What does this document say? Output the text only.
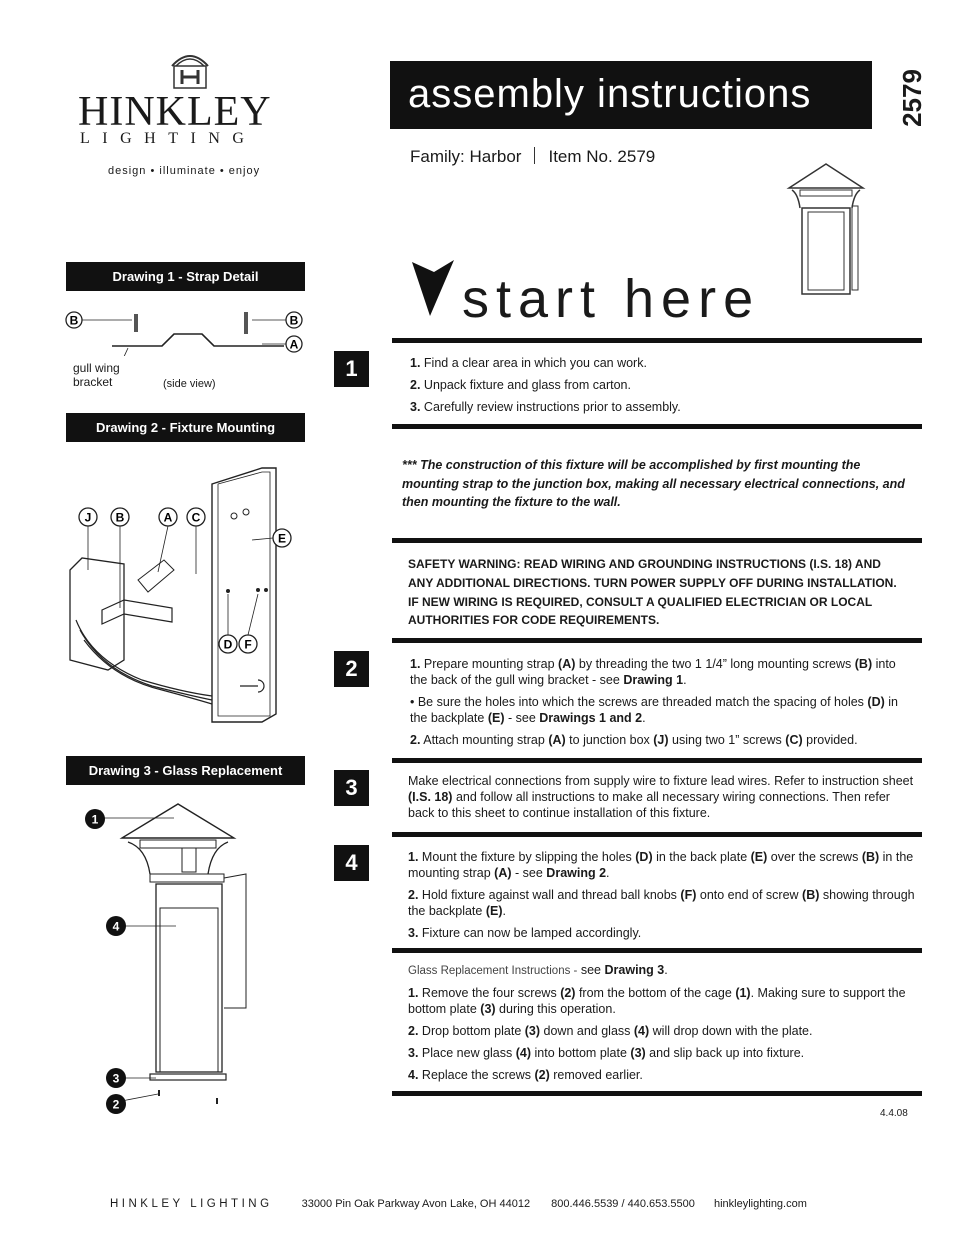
HINKLEY
LIGHTING
design • illuminate • enjoy
assembly instructions	2579
Family: Harbor Item No. 2579
start here
Drawing 1 - Strap Detail
B	B
A
gull wing
bracket	(side view)
Drawing 2 - Fixture Mounting
J B	A C
E
D F
Drawing 3 - Glass Replacement
1
4
3
2
1	1. Find a clear area in which you can work.

2. Unpack fixture and glass from carton.

3. Carefully review instructions prior to assembly.

*** The construction of this fixture will be accomplished by first mounting the mounting strap to the junction box, making all necessary electrical connections, and then mounting the fixture to the wall.
SAFETY WARNING: READ WIRING AND GROUNDING INSTRUCTIONS (I.S. 18) AND ANY ADDITIONAL DIRECTIONS. TURN POWER SUPPLY OFF DURING INSTALLATION. IF NEW WIRING IS REQUIRED, CONSULT A QUALIFIED ELECTRICIAN OR LOCAL AUTHORITIES FOR CODE REQUIREMENTS.
2	1. Prepare mounting strap (A) by threading the two 1 1/4” long mounting screws (B) into the back of the gull wing bracket - see Drawing 1.

• Be sure the holes into which the screws are threaded match the spacing of holes (D) in the backplate (E) - see Drawings 1 and 2.

2. Attach mounting strap (A) to junction box (J) using two 1” screws (C) provided.

3	Make electrical connections from supply wire to fixture lead wires. Refer to instruction sheet (I.S. 18) and follow all instructions to make all necessary wiring connections. Then refer back to this sheet to continue installation of this fixture.

4	1. Mount the fixture by slipping the holes (D) in the back plate (E) over the screws (B) in the mounting strap (A) - see Drawing 2.

2. Hold fixture against wall and thread ball knobs (F) onto end of screw (B) showing through the backplate (E).

3. Fixture can now be lamped accordingly.

Glass Replacement Instructions - see Drawing 3.

1. Remove the four screws (2) from the bottom of the cage (1). Making sure to support the bottom plate (3) during this operation.

2. Drop bottom plate (3) down and glass (4) will drop down with the plate.

3. Place new glass (4) into bottom plate (3) and slip back up into fixture.

4. Replace the screws (2) removed earlier.

4.4.08
HINKLEY LIGHTING	33000 Pin Oak Parkway Avon Lake, OH 44012 800.446.5539 / 440.653.5500 hinkleylighting.com
